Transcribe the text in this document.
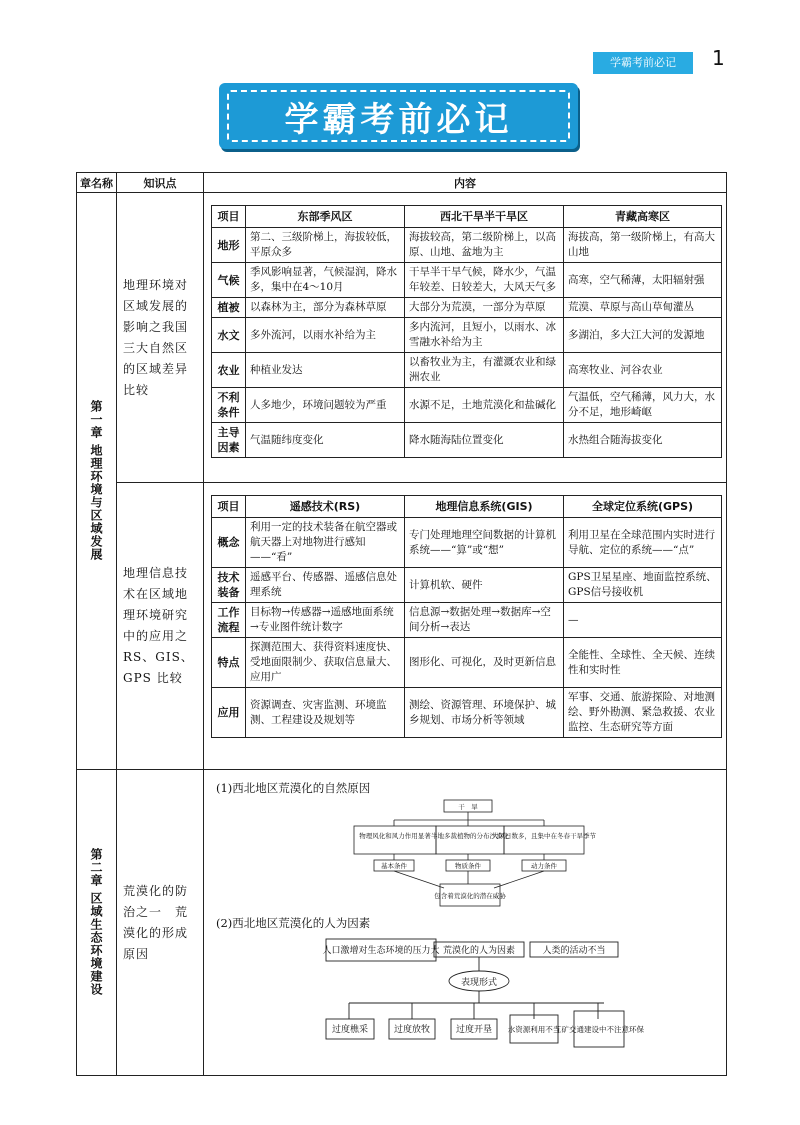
学霸考前必记	1
学霸考前必记
章名称	知识点	内容

第一章 地理环境与区域发展
	地理环境对区域发展的影响之我国三大自然区的区域差异比较	
项目	东部季风区	西北干旱半干旱区	青藏高寒区
地形	第二、三级阶梯上，海拔较低，平原众多	海拔较高，第二级阶梯上，以高原、山地、盆地为主	海拔高，第一级阶梯上，有高大山地
气候	季风影响显著，气候湿润，降水多，集中在4～10月	干旱半干旱气候，降水少，气温年较差、日较差大，大风天气多	高寒，空气稀薄，太阳辐射强
植被	以森林为主，部分为森林草原	大部分为荒漠，一部分为草原	荒漠、草原与高山草甸灌丛
水文	多外流河，以雨水补给为主	多内流河，且短小，以雨水、冰雪融水补给为主	多湖泊，多大江大河的发源地
农业	种植业发达	以畜牧业为主，有灌溉农业和绿洲农业	高寒牧业、河谷农业
不利条件	人多地少，环境问题较为严重	水源不足，土地荒漠化和盐碱化	气温低，空气稀薄，风力大，水分不足，地形崎岖
主导因素	气温随纬度变化	降水随海陆位置变化	水热组合随海拔变化

地理信息技术在区域地理环境研究中的应用之 RS、GIS、GPS 比较	
项目	遥感技术(RS)	地理信息系统(GIS)	全球定位系统(GPS)
概念	利用一定的技术装备在航空器或航天器上对地物进行感知——“看”	专门处理地理空间数据的计算机系统——“算”或“想”	利用卫星在全球范围内实时进行导航、定位的系统——“点”
技术装备	遥感平台、传感器、遥感信息处理系统	计算机软、硬件	GPS卫星星座、地面监控系统、GPS信号接收机
工作流程	目标物→传感器→遥感地面系统→专业图件统计数字	信息源→数据处理→数据库→空间分析→表达	—
特点	探测范围大、获得资料速度快、受地面限制少、获取信息量大、应用广	图形化、可视化，及时更新信息	全能性、全球性、全天候、连续性和实时性
应用	资源调查、灾害监测、环境监测、工程建设及规划等	测绘、资源管理、环境保护、城乡规划、市场分析等领域	军事、交通、旅游探险、对地测绘、野外勘测、紧急救援、农业监控、生态研究等方面

第二章 区域生态环境建设	荒漠化的防治之一　荒漠化的形成原因	
(1)西北地区荒漠化的自然原因
干　旱
物理风化和风力作用显著 半地多裁植物的分布沙漠化
大风日数多，且集中在冬春干旱季节
基本条件	物质条件	动力条件
包含着荒漠化的潜在威胁
(2)西北地区荒漠化的人为因素
人口激增对生态环境的压力大 荒漠化的人为因素	人类的活动不当
表现形式
过度樵采	过度放牧	过度开垦 水资源利用不当
工矿交通建设中不注意环保
